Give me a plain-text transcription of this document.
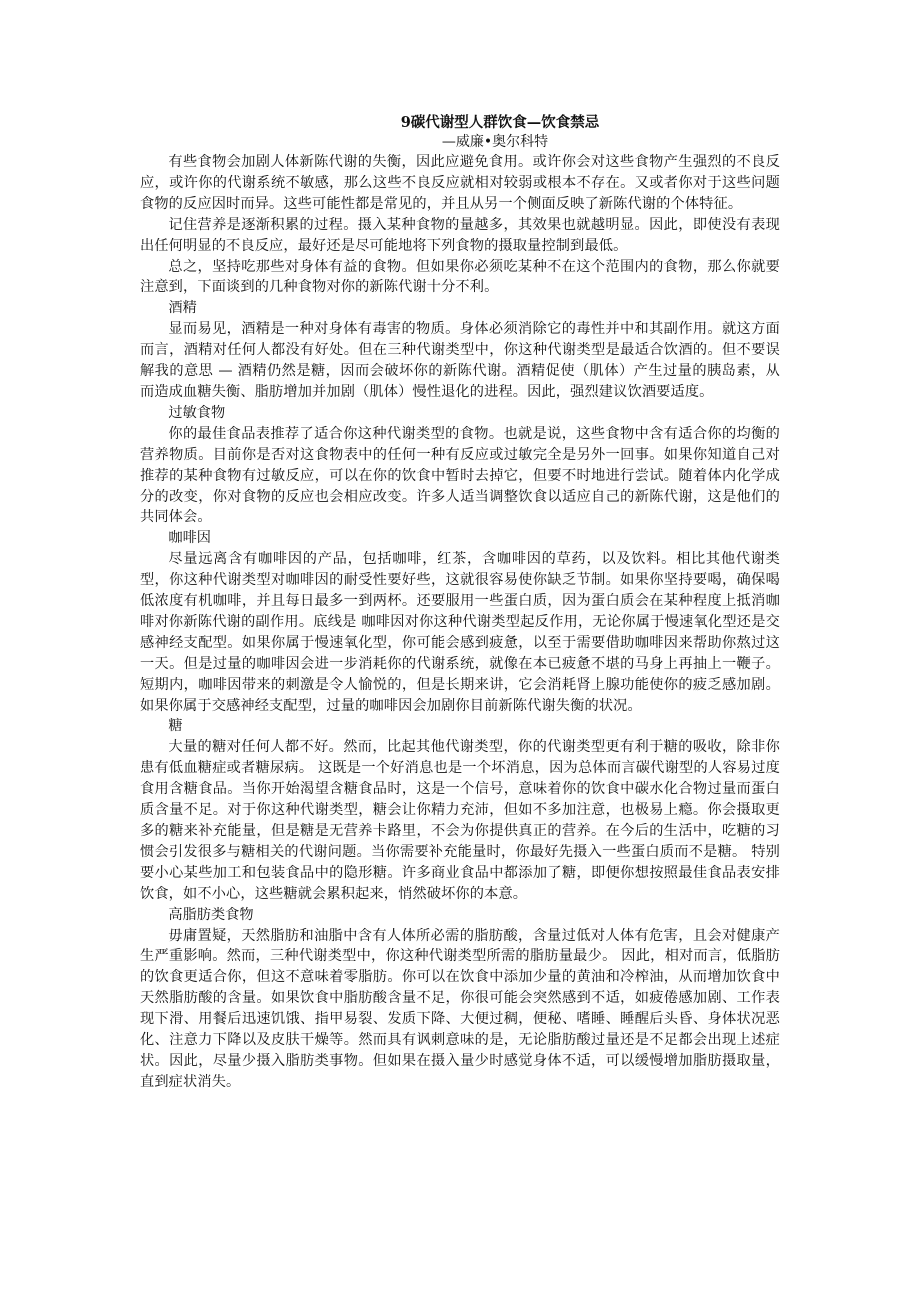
9碳代谢型人群饮食—饮食禁忌

—威廉•奥尔科特

有些食物会加剧人体新陈代谢的失衡，因此应避免食用。或许你会对这些食物产生强烈的不良反应，或许你的代谢系统不敏感，那么这些不良反应就相对较弱或根本不存在。又或者你对于这些问题食物的反应因时而异。这些可能性都是常见的，并且从另一个侧面反映了新陈代谢的个体特征。

记住营养是逐渐积累的过程。摄入某种食物的量越多，其效果也就越明显。因此，即使没有表现出任何明显的不良反应，最好还是尽可能地将下列食物的摄取量控制到最低。

总之，坚持吃那些对身体有益的食物。但如果你必须吃某种不在这个范围内的食物，那么你就要注意到，下面谈到的几种食物对你的新陈代谢十分不利。

酒精

显而易见，酒精是一种对身体有毒害的物质。身体必须消除它的毒性并中和其副作用。就这方面而言，酒精对任何人都没有好处。但在三种代谢类型中，你这种代谢类型是最适合饮酒的。但不要误解我的意思 — 酒精仍然是糖，因而会破坏你的新陈代谢。酒精促使（肌体）产生过量的胰岛素，从而造成血糖失衡、脂肪增加并加剧（肌体）慢性退化的进程。因此，强烈建议饮酒要适度。

过敏食物

你的最佳食品表推荐了适合你这种代谢类型的食物。也就是说，这些食物中含有适合你的均衡的营养物质。目前你是否对这食物表中的任何一种有反应或过敏完全是另外一回事。如果你知道自己对推荐的某种食物有过敏反应，可以在你的饮食中暂时去掉它，但要不时地进行尝试。随着体内化学成分的改变，你对食物的反应也会相应改变。许多人适当调整饮食以适应自己的新陈代谢，这是他们的共同体会。

咖啡因

尽量远离含有咖啡因的产品，包括咖啡，红茶，含咖啡因的草药，以及饮料。相比其他代谢类型，你这种代谢类型对咖啡因的耐受性要好些，这就很容易使你缺乏节制。如果你坚持要喝，确保喝低浓度有机咖啡，并且每日最多一到两杯。还要服用一些蛋白质，因为蛋白质会在某种程度上抵消咖啡对你新陈代谢的副作用。底线是 咖啡因对你这种代谢类型起反作用，无论你属于慢速氧化型还是交感神经支配型。如果你属于慢速氧化型，你可能会感到疲惫，以至于需要借助咖啡因来帮助你熬过这一天。但是过量的咖啡因会进一步消耗你的代谢系统，就像在本已疲惫不堪的马身上再抽上一鞭子。短期内，咖啡因带来的刺激是令人愉悦的，但是长期来讲，它会消耗肾上腺功能使你的疲乏感加剧。如果你属于交感神经支配型，过量的咖啡因会加剧你目前新陈代谢失衡的状况。

糖

大量的糖对任何人都不好。然而，比起其他代谢类型，你的代谢类型更有利于糖的吸收，除非你患有低血糖症或者糖尿病。 这既是一个好消息也是一个坏消息，因为总体而言碳代谢型的人容易过度食用含糖食品。当你开始渴望含糖食品时，这是一个信号，意味着你的饮食中碳水化合物过量而蛋白质含量不足。对于你这种代谢类型，糖会让你精力充沛，但如不多加注意，也极易上瘾。你会摄取更多的糖来补充能量，但是糖是无营养卡路里，不会为你提供真正的营养。在今后的生活中，吃糖的习惯会引发很多与糖相关的代谢问题。当你需要补充能量时，你最好先摄入一些蛋白质而不是糖。 特别要小心某些加工和包装食品中的隐形糖。许多商业食品中都添加了糖，即便你想按照最佳食品表安排饮食，如不小心，这些糖就会累积起来，悄然破坏你的本意。

高脂肪类食物

毋庸置疑，天然脂肪和油脂中含有人体所必需的脂肪酸，含量过低对人体有危害，且会对健康产生严重影响。然而，三种代谢类型中，你这种代谢类型所需的脂肪量最少。 因此，相对而言，低脂肪的饮食更适合你，但这不意味着零脂肪。你可以在饮食中添加少量的黄油和冷榨油，从而增加饮食中天然脂肪酸的含量。如果饮食中脂肪酸含量不足，你很可能会突然感到不适，如疲倦感加剧、工作表现下滑、用餐后迅速饥饿、指甲易裂、发质下降、大便过稠，便秘、嗜睡、睡醒后头昏、身体状况恶化、注意力下降以及皮肤干燥等。然而具有讽刺意味的是，无论脂肪酸过量还是不足都会出现上述症状。因此，尽量少摄入脂肪类事物。但如果在摄入量少时感觉身体不适，可以缓慢增加脂肪摄取量，直到症状消失。
